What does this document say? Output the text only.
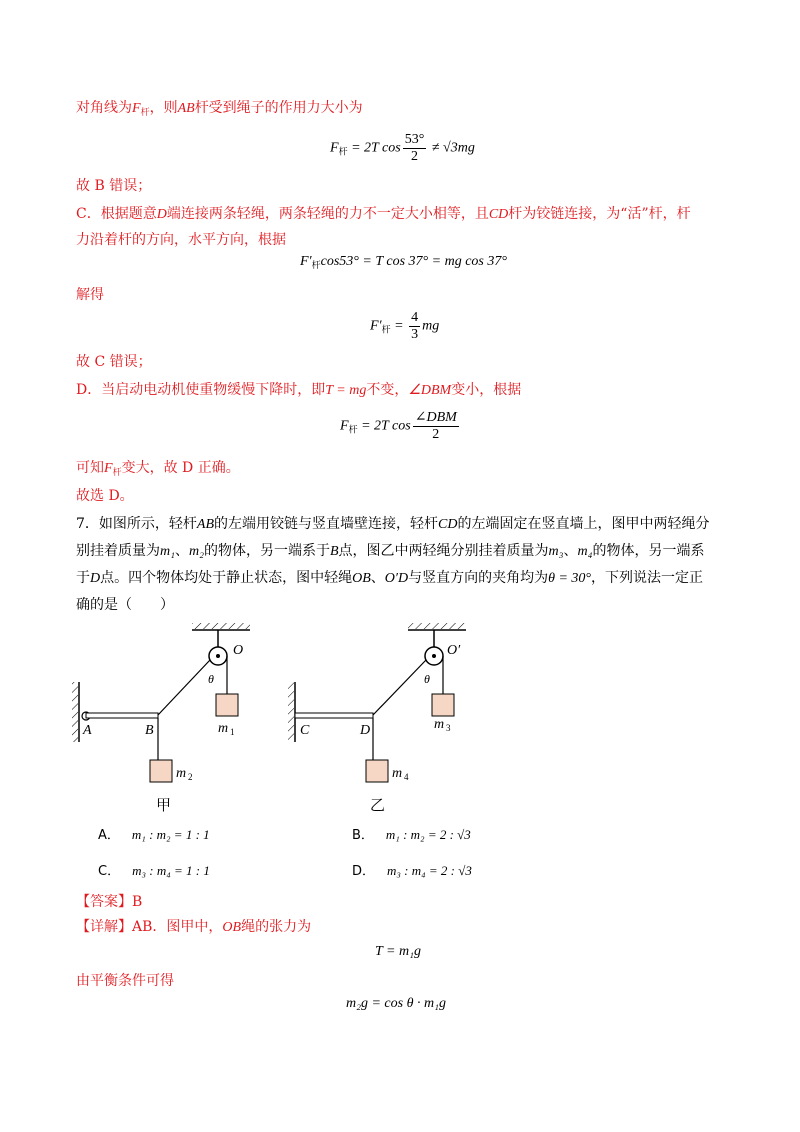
对角线为$F_杆$，则AB杆受到绳子的作用力大小为
$F_杆 = 2T$ $\cos \frac{53^\circ}{2} \ne √3mg$
故 B 错误；
C．根据题意D端连接两条轻绳，两条轻绳的力不一定大小相等，且CD杆为铰链连接，为“活”杆，杆
力沿着杆的方向，水平方向，根据
$F'_杆\cos 53^\circ = T$ cos 37° = mg cos 37°
解得
$F'_杆 = \frac{4}{3}$ mg
故 C 错误；
D．当启动电动机使重物缓慢下降时，即T = mg不变，∠DBM变小，根据
$F_杆 = 2T$ $\cos \frac{\text{∠DBM}}{2}$
可知$F_杆$变大，故 D 正确。
故选 D。
7．如图所示，轻杆AB的左端用铰链与竖直墙壁连接，轻杆CD的左端固定在竖直墙上，图甲中两轻绳分
别挂着质量为m₁、m₂的物体，另一端系于B点，图乙中两轻绳分别挂着质量为m₃、m₄的物体，另一端系
于D点。四个物体均处于静止状态，图中轻绳OB、O′D与竖直方向的夹角均为θ = 30°，下列说法一定正
确的是（　　）
A	B
O
θ
m 1
m 2
甲
C	D
O′
θ
m 3
m 4
乙
A． m₁ : m₂ = 1 : 1	B． m₁ : m₂ = 2 : √3
C． m₃ : m₄ = 1 : 1	D． m₃ : m₄ = 2 : √3
【答案】B
【详解】AB．图甲中，OB绳的张力为
T = m₁g
由平衡条件可得
m₂g = cos θ · m₁g
